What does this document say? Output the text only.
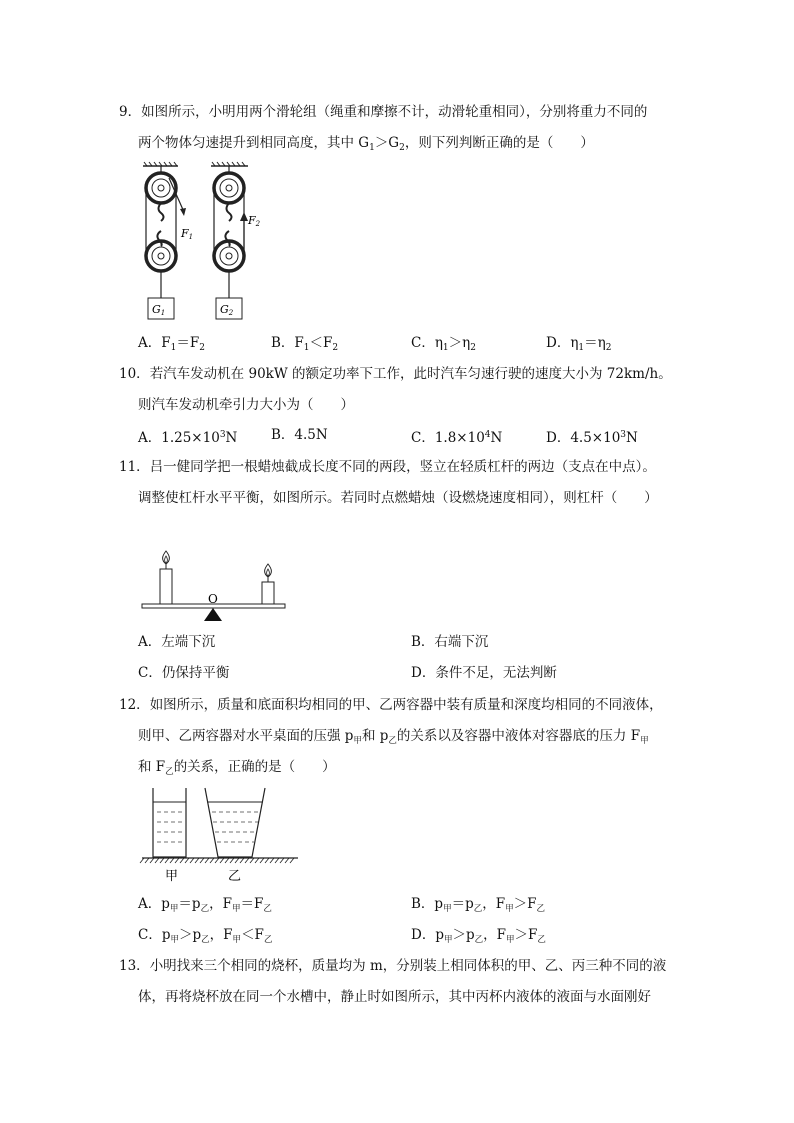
9．如图所示，小明用两个滑轮组（绳重和摩擦不计，动滑轮重相同），分别将重力不同的
两个物体匀速提升到相同高度，其中 $G_1>G_2$，则下列判断正确的是（　　）
F1
F2
G1	G2
A．$F_1=F_2$	B．$F_1<F_2$	C．$\eta_1>\eta_2$	D．$\eta_1=\eta_2$
10．若汽车发动机在 90kW 的额定功率下工作，此时汽车匀速行驶的速度大小为 72km/h。
则汽车发动机牵引力大小为（　　）
A．$1.25\times 10^3N$ B．4.5N	C．$1.8\times 10^4N$	D．$4.5\times 10^3N$
11．吕一健同学把一根蜡烛截成长度不同的两段，竖立在轻质杠杆的两边（支点在中点）。
调整使杠杆水平平衡，如图所示。若同时点燃蜡烛（设燃烧速度相同），则杠杆（　　）
O
A．左端下沉	B．右端下沉
C．仍保持平衡	D．条件不足，无法判断
12．如图所示，质量和底面积均相同的甲、乙两容器中装有质量和深度均相同的不同液体，
则甲、乙两容器对水平桌面的压强 $p_甲$和 $p_乙$的关系以及容器中液体对容器底的压力 $F_甲$
和 $F_乙$的关系，正确的是（　　）
甲	乙
A．$p_甲=p_乙$，$F_甲=F_乙$	B．$p_甲=p_乙$，$F_甲>F_乙$
C．$p_甲>p_乙$，$F_甲<F_乙$	D．$p_甲>p_乙$，$F_甲>F_乙$
13．小明找来三个相同的烧杯，质量均为 m，分别装上相同体积的甲、乙、丙三种不同的液
体，再将烧杯放在同一个水槽中，静止时如图所示，其中丙杯内液体的液面与水面刚好
